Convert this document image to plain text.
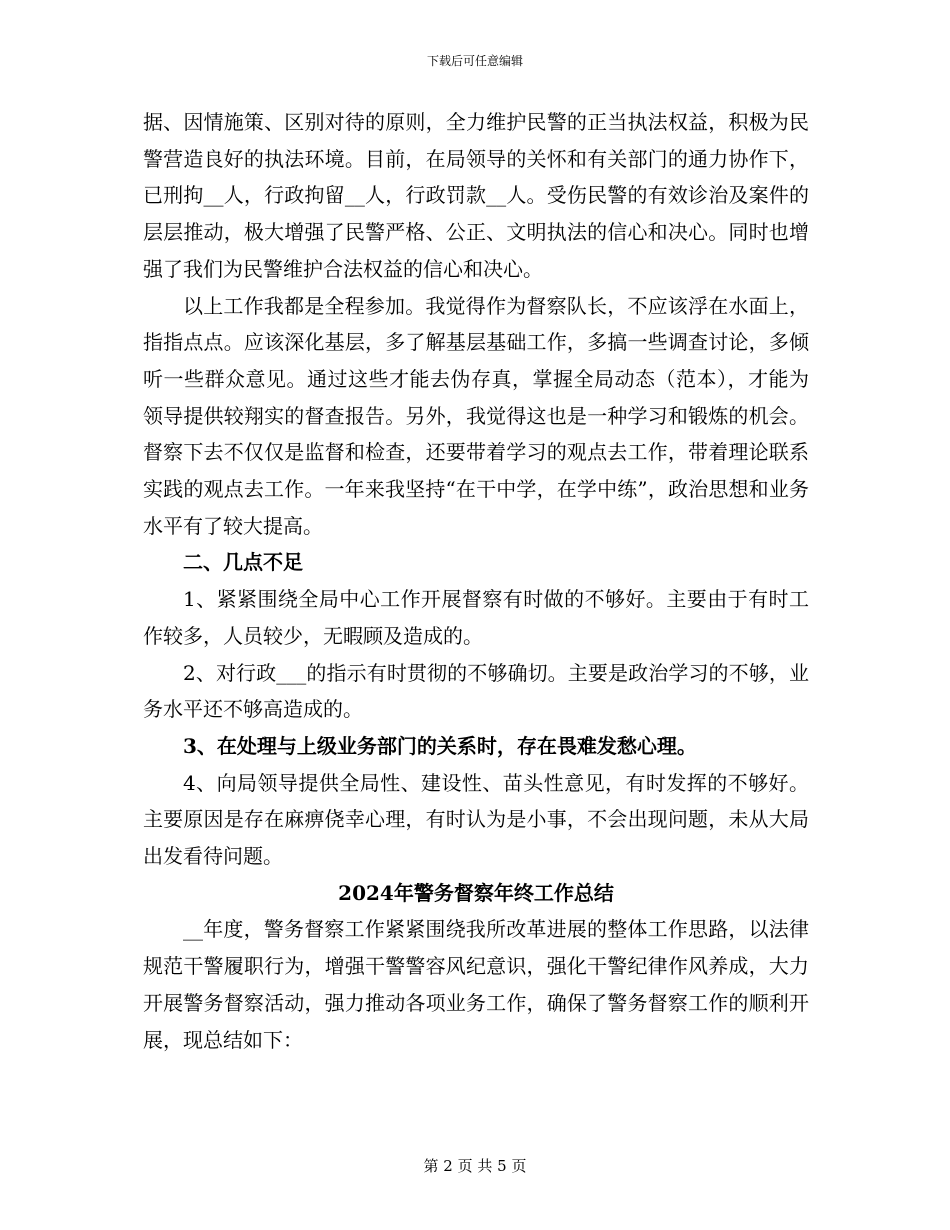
下载后可任意编辑

据、因情施策、区别对待的原则，全力维护民警的正当执法权益，积极为民警营造良好的执法环境。目前，在局领导的关怀和有关部门的通力协作下，已刑拘__人，行政拘留__人，行政罚款__人。受伤民警的有效诊治及案件的层层推动，极大增强了民警严格、公正、文明执法的信心和决心。同时也增强了我们为民警维护合法权益的信心和决心。

以上工作我都是全程参加。我觉得作为督察队长，不应该浮在水面上，指指点点。应该深化基层，多了解基层基础工作，多搞一些调查讨论，多倾听一些群众意见。通过这些才能去伪存真，掌握全局动态（范本），才能为领导提供较翔实的督查报告。另外，我觉得这也是一种学习和锻炼的机会。督察下去不仅仅是监督和检查，还要带着学习的观点去工作，带着理论联系实践的观点去工作。一年来我坚持“在干中学，在学中练”，政治思想和业务水平有了较大提高。

二、几点不足

1、紧紧围绕全局中心工作开展督察有时做的不够好。主要由于有时工作较多，人员较少，无暇顾及造成的。

2、对行政___的指示有时贯彻的不够确切。主要是政治学习的不够，业务水平还不够高造成的。

3、在处理与上级业务部门的关系时，存在畏难发愁心理。

4、向局领导提供全局性、建设性、苗头性意见，有时发挥的不够好。主要原因是存在麻痹侥幸心理，有时认为是小事，不会出现问题，未从大局出发看待问题。

2024年警务督察年终工作总结

__年度，警务督察工作紧紧围绕我所改革进展的整体工作思路，以法律规范干警履职行为，增强干警警容风纪意识，强化干警纪律作风养成，大力开展警务督察活动，强力推动各项业务工作，确保了警务督察工作的顺利开展，现总结如下：

第 2 页 共 5 页
